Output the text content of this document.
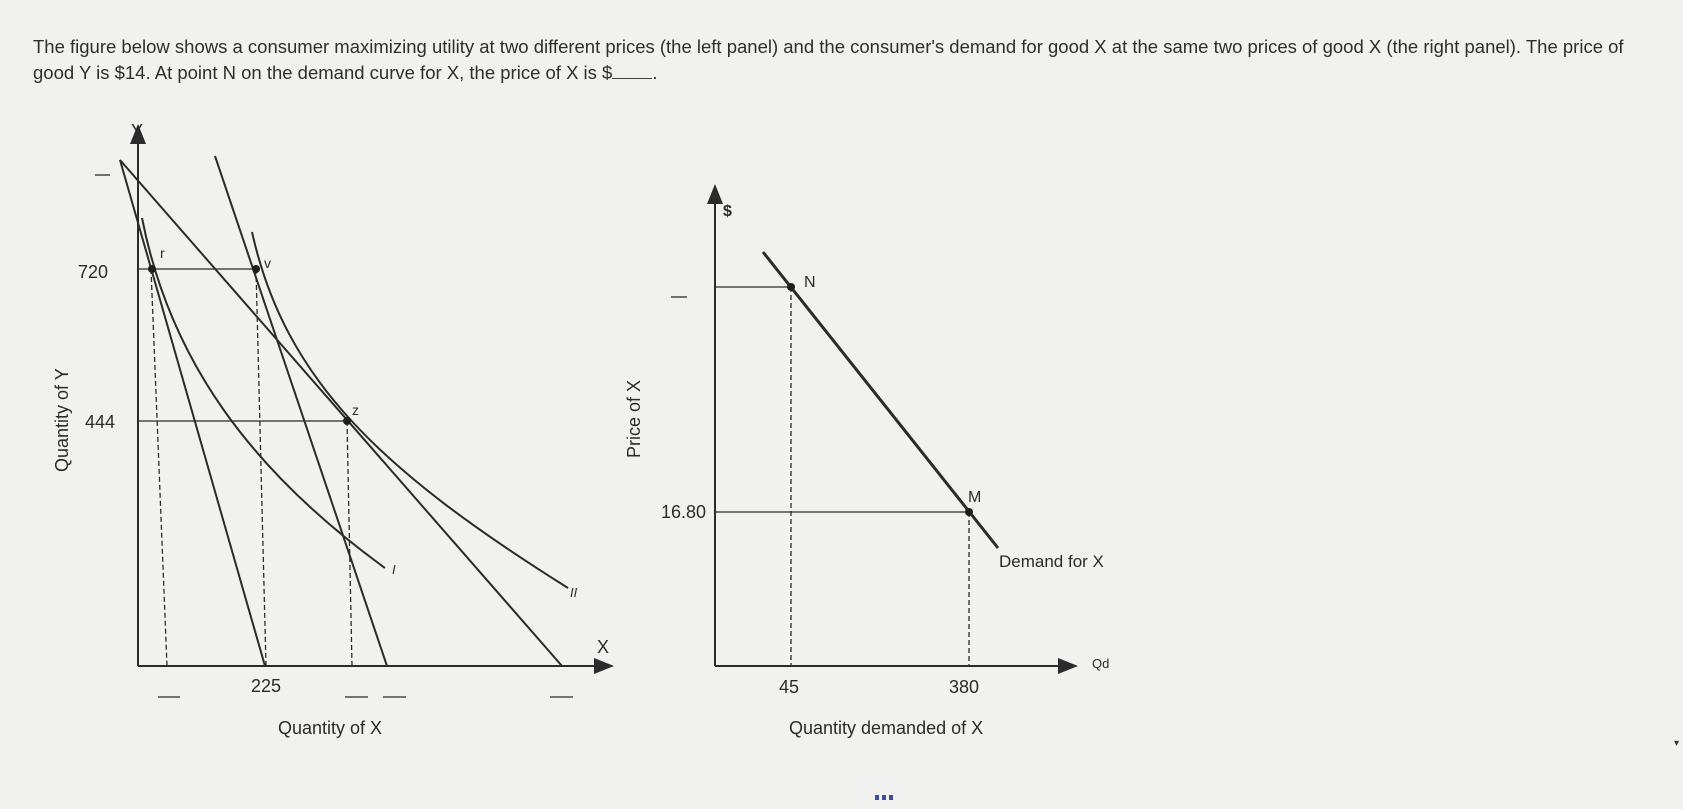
The figure below shows a consumer maximizing utility at two different prices (the left panel) and the consumer's demand for good X at the same two prices of good X (the right panel). The price of good Y is $14. At point N on the demand curve for X, the price of X is $ .
Y
X
720
444
225
r
v
z
I
II
Quantity of X
Quantity of Y
$
N
M
16.80
45	380
Demand for X
Qd
Quantity demanded of X
Price of X
▾
